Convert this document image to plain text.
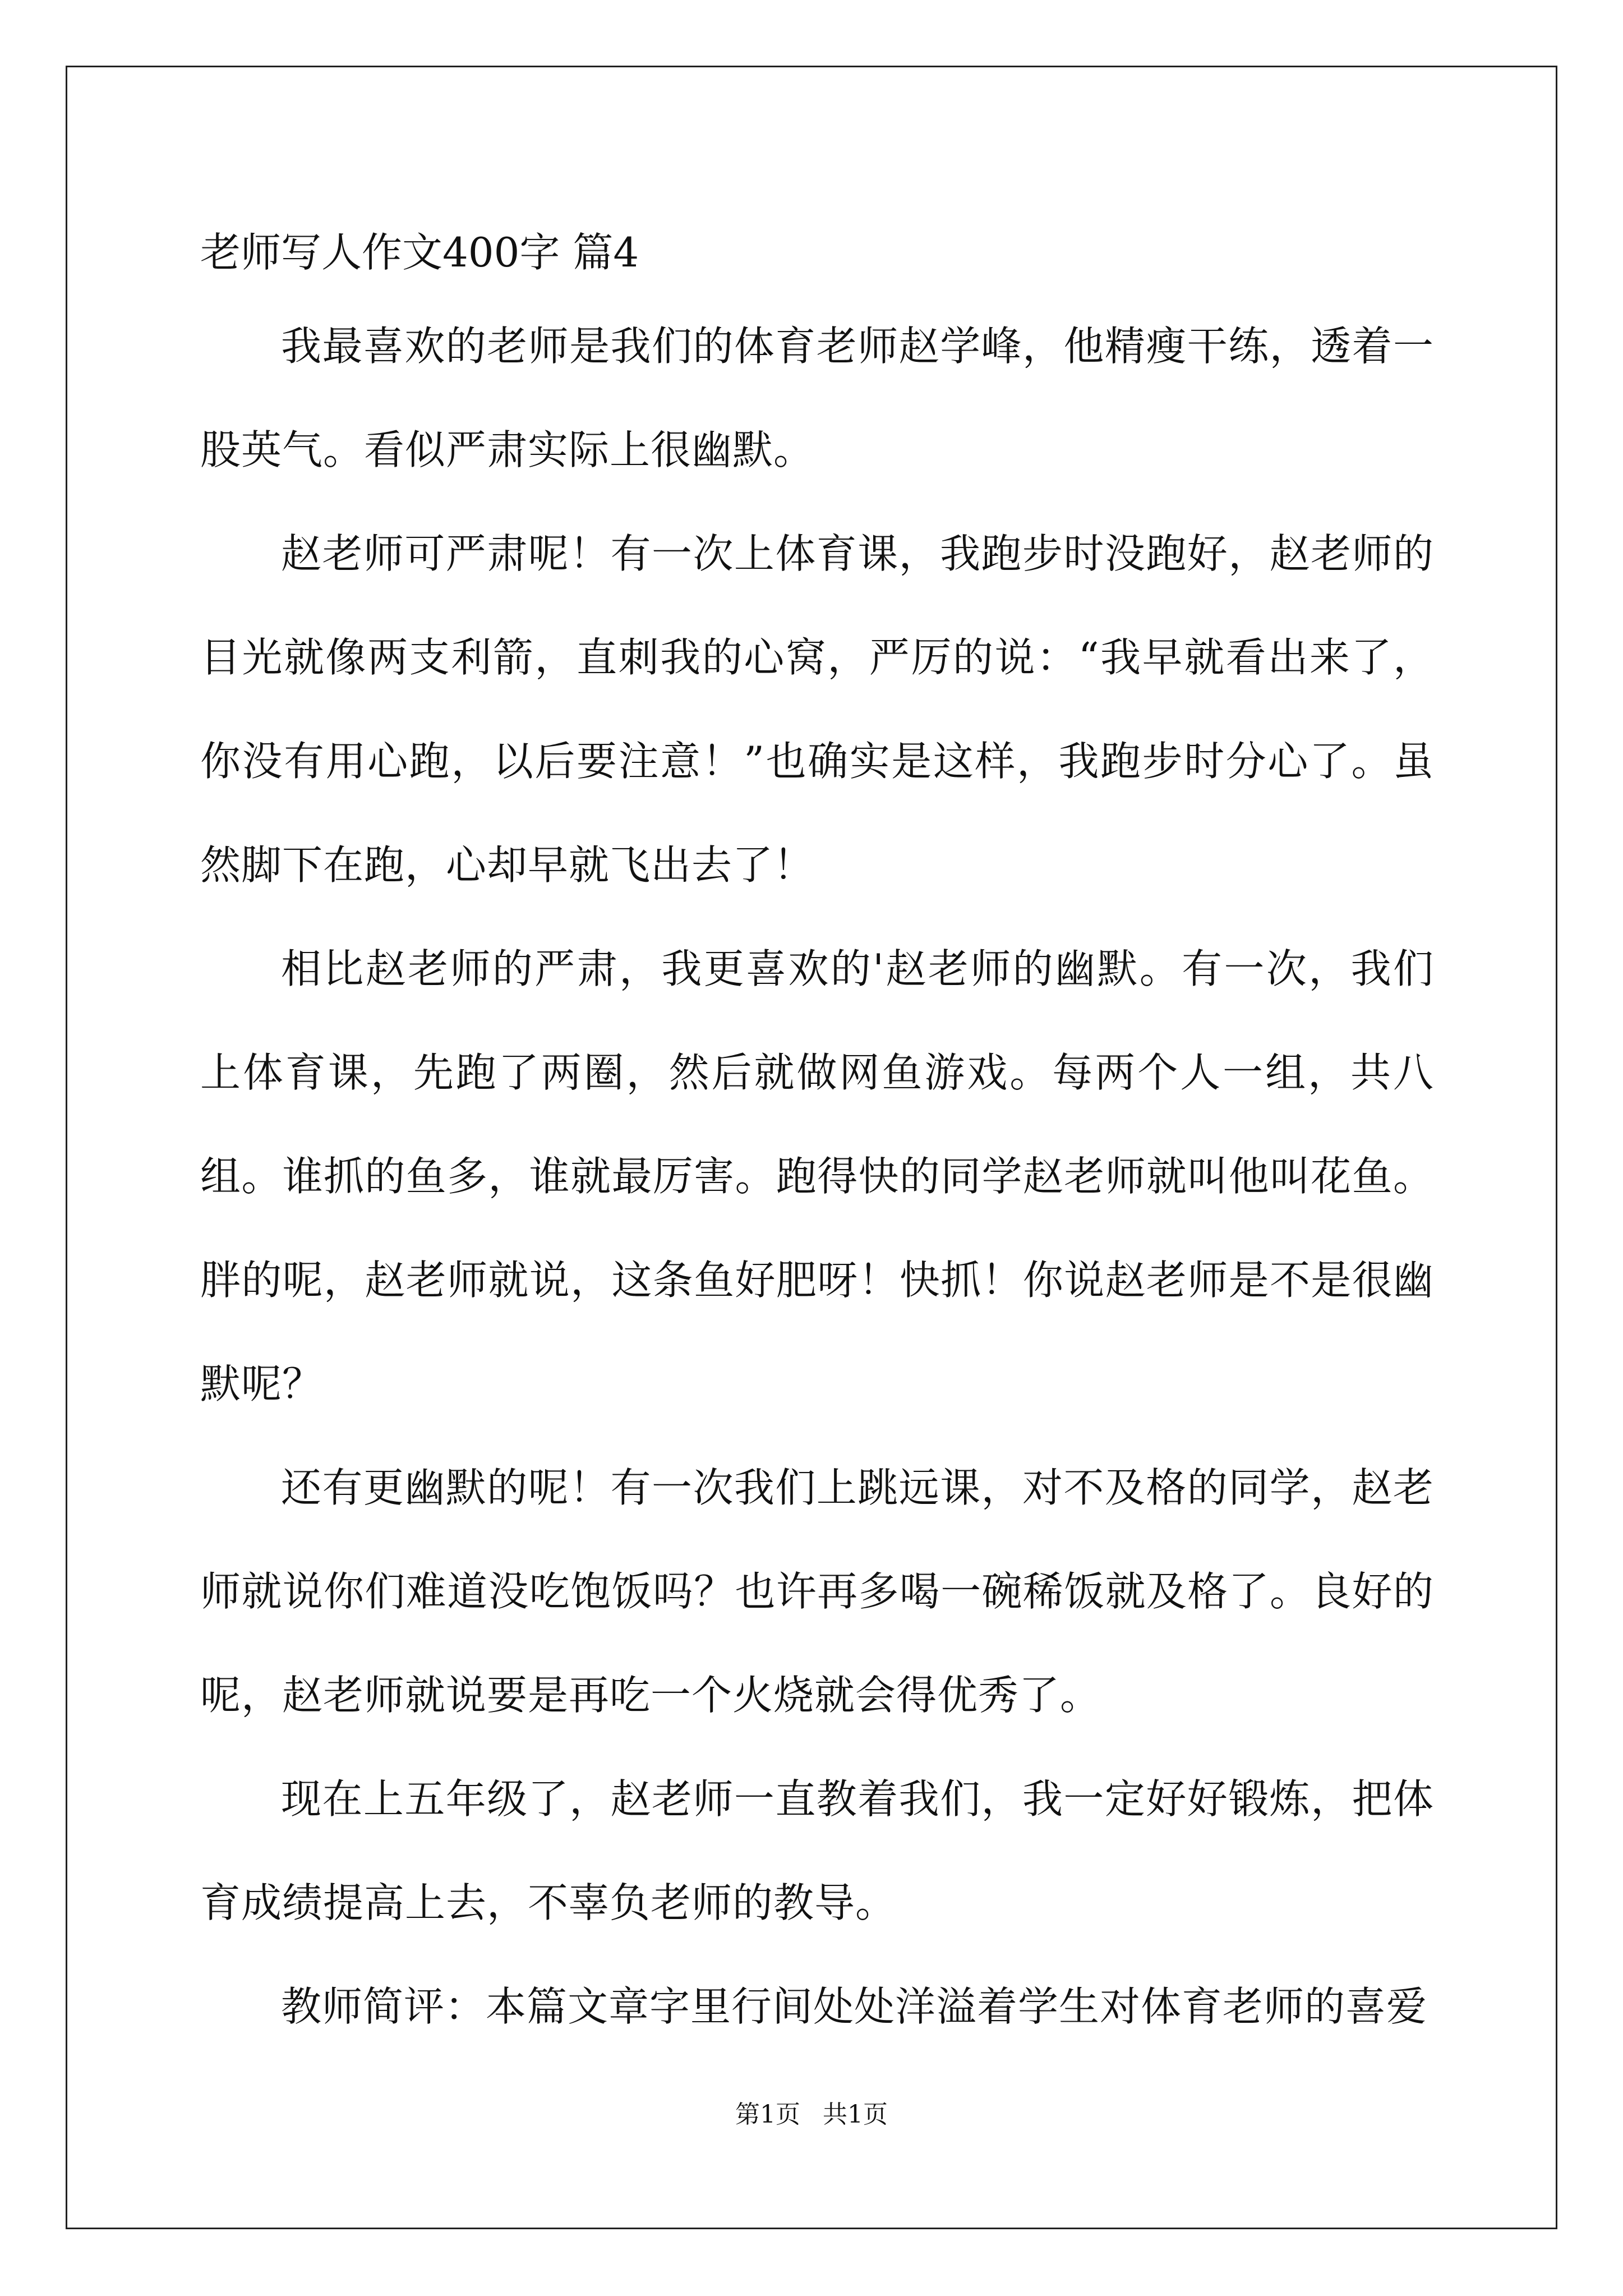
老师写人作文400字 篇4

我最喜欢的老师是我们的体育老师赵学峰，他精瘦干练，透着一股英气。看似严肃实际上很幽默。

赵老师可严肃呢！有一次上体育课，我跑步时没跑好，赵老师的目光就像两支利箭，直刺我的心窝，严厉的说：“我早就看出来了，你没有用心跑，以后要注意！”也确实是这样，我跑步时分心了。虽然脚下在跑，心却早就飞出去了！

相比赵老师的严肃，我更喜欢的'赵老师的幽默。有一次，我们上体育课，先跑了两圈，然后就做网鱼游戏。每两个人一组，共八组。谁抓的鱼多，谁就最厉害。跑得快的同学赵老师就叫他叫花鱼。胖的呢，赵老师就说，这条鱼好肥呀！快抓！你说赵老师是不是很幽默呢？

还有更幽默的呢！有一次我们上跳远课，对不及格的同学，赵老师就说你们难道没吃饱饭吗？也许再多喝一碗稀饭就及格了。良好的呢，赵老师就说要是再吃一个火烧就会得优秀了。

现在上五年级了，赵老师一直教着我们，我一定好好锻炼，把体育成绩提高上去，不辜负老师的教导。

教师简评：本篇文章字里行间处处洋溢着学生对体育老师的喜爱

第1页 共1页
